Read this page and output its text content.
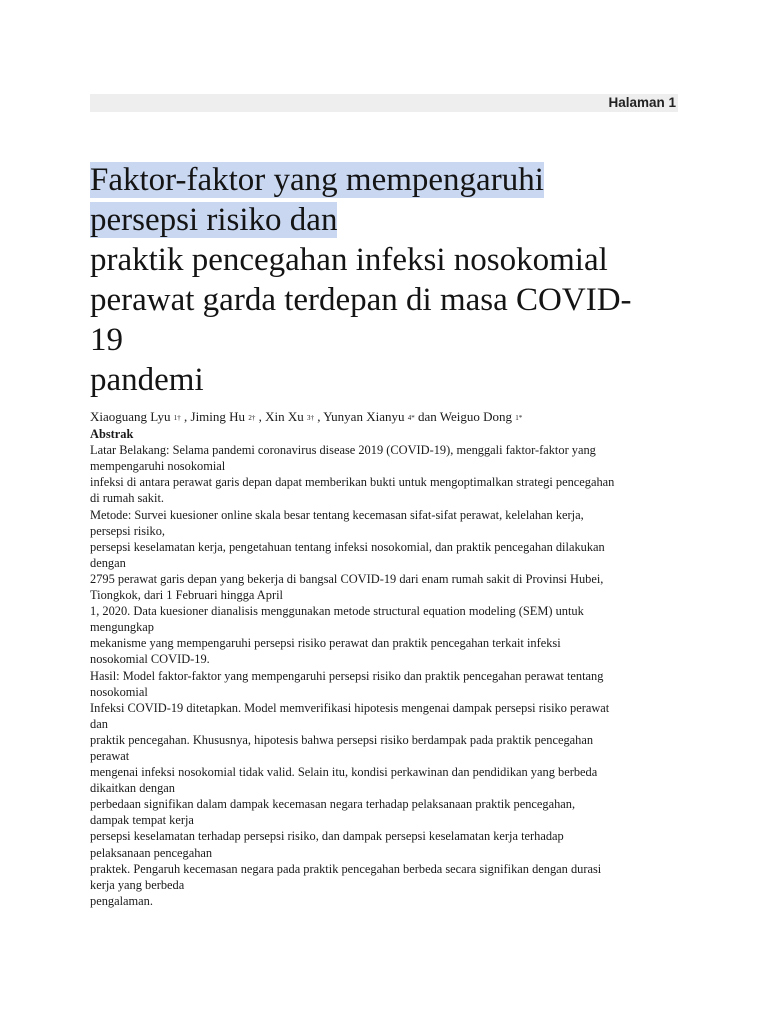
Halaman 1
Faktor-faktor yang mempengaruhi
persepsi risiko dan
praktik pencegahan infeksi nosokomial
perawat garda terdepan di masa COVID-
19
pandemi
Xiaoguang Lyu $^{1\dagger}$ , Jiming Hu $^{2\dagger}$ , Xin Xu $^{3\dagger}$ , Yunyan Xianyu $^{4*}$ dan Weiguo Dong $^{1*}$
Abstrak
Latar Belakang: Selama pandemi coronavirus disease 2019 (COVID-19), menggali faktor-faktor yang
mempengaruhi nosokomial
infeksi di antara perawat garis depan dapat memberikan bukti untuk mengoptimalkan strategi pencegahan
di rumah sakit.
Metode: Survei kuesioner online skala besar tentang kecemasan sifat-sifat perawat, kelelahan kerja,
persepsi risiko,
persepsi keselamatan kerja, pengetahuan tentang infeksi nosokomial, dan praktik pencegahan dilakukan
dengan
2795 perawat garis depan yang bekerja di bangsal COVID-19 dari enam rumah sakit di Provinsi Hubei,
Tiongkok, dari 1 Februari hingga April
1, 2020. Data kuesioner dianalisis menggunakan metode structural equation modeling (SEM) untuk
mengungkap
mekanisme yang mempengaruhi persepsi risiko perawat dan praktik pencegahan terkait infeksi
nosokomial COVID-19.
Hasil: Model faktor-faktor yang mempengaruhi persepsi risiko dan praktik pencegahan perawat tentang
nosokomial
Infeksi COVID-19 ditetapkan. Model memverifikasi hipotesis mengenai dampak persepsi risiko perawat
dan
praktik pencegahan. Khususnya, hipotesis bahwa persepsi risiko berdampak pada praktik pencegahan
perawat
mengenai infeksi nosokomial tidak valid. Selain itu, kondisi perkawinan dan pendidikan yang berbeda
dikaitkan dengan
perbedaan signifikan dalam dampak kecemasan negara terhadap pelaksanaan praktik pencegahan,
dampak tempat kerja
persepsi keselamatan terhadap persepsi risiko, dan dampak persepsi keselamatan kerja terhadap
pelaksanaan pencegahan
praktek. Pengaruh kecemasan negara pada praktik pencegahan berbeda secara signifikan dengan durasi
kerja yang berbeda
pengalaman.
